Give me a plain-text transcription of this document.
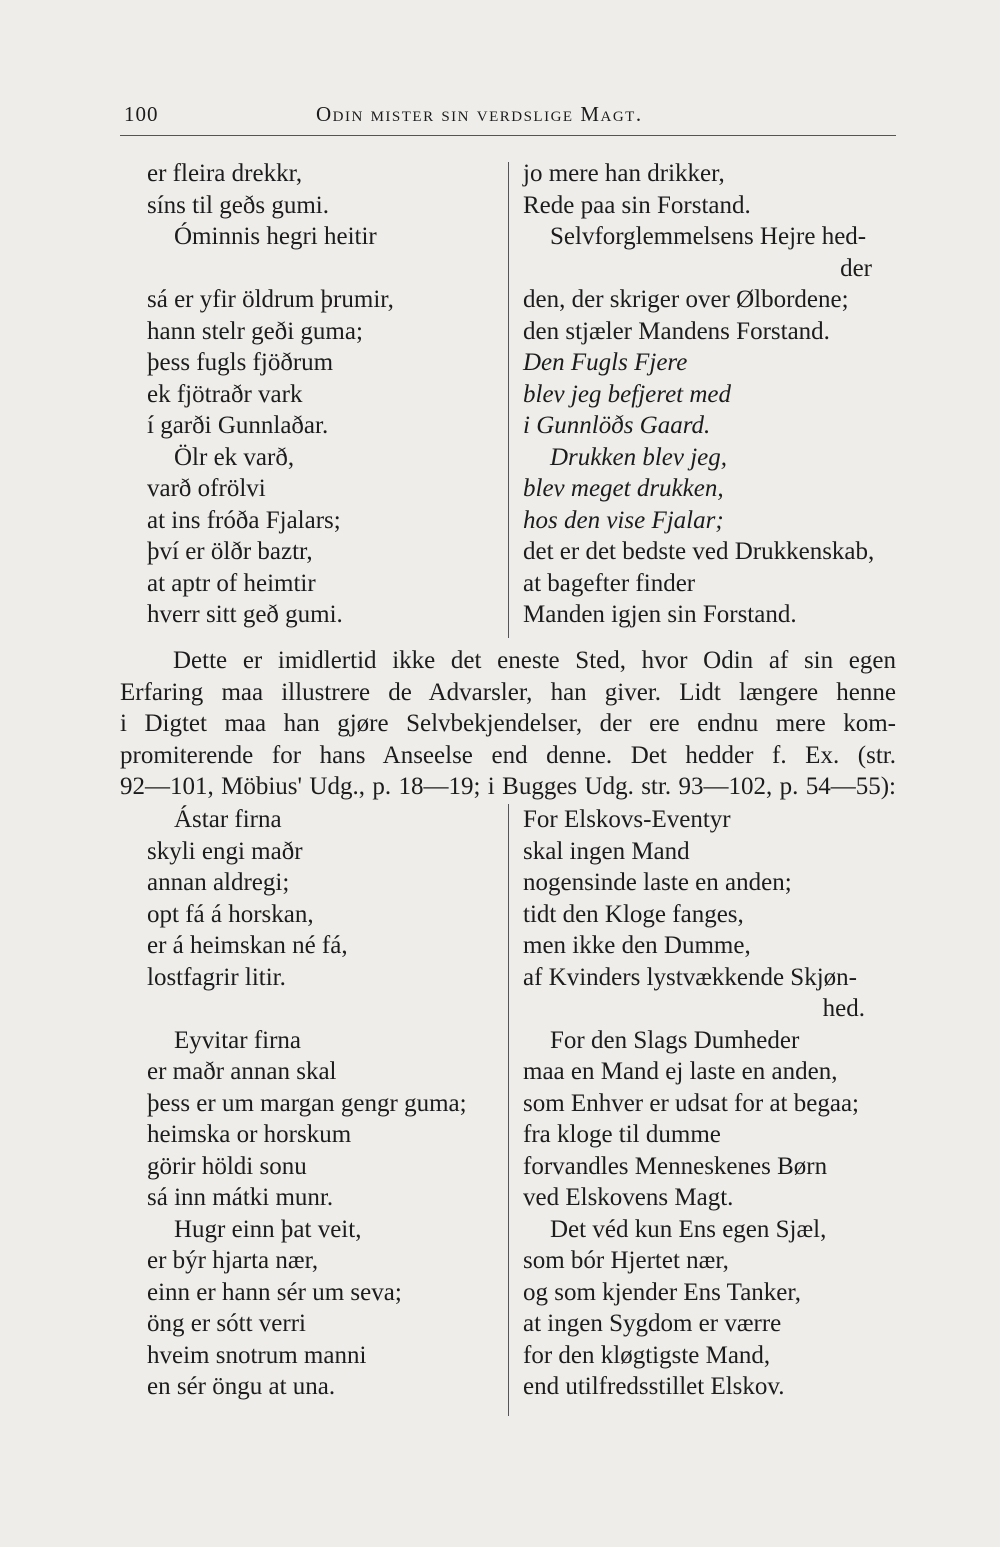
100	Odin mister sin verdslige Magt.
er fleira drekkr,
síns til geðs gumi.
Óminnis hegri heitir
sá er yfir öldrum þrumir,
hann stelr geði guma;
þess fugls fjöðrum
ek fjötraðr vark
í garði Gunnlaðar.
Ölr ek varð,
varð ofrölvi
at ins fróða Fjalars;
því er ölðr baztr,
at aptr of heimtir
hverr sitt geð gumi.
jo mere han drikker,
Rede paa sin Forstand.
Selvforglemmelsens Hejre hed-
der
den, der skriger over Ølbordene;
den stjæler Mandens Forstand.
Den Fugls Fjere
blev jeg befjeret med
i Gunnlöðs Gaard.
Drukken blev jeg,
blev meget drukken,
hos den vise Fjalar;
det er det bedste ved Drukkenskab,
at bagefter finder
Manden igjen sin Forstand.
Dette er imidlertid ikke det eneste Sted, hvor Odin af sin egen
Erfaring maa illustrere de Advarsler, han giver. Lidt længere henne
i Digtet maa han gjøre Selvbekjendelser, der ere endnu mere kom-
promiterende for hans Anseelse end denne. Det hedder f. Ex. (str.
92—101, Möbius' Udg., p. 18—19; i Bugges Udg. str. 93—102, p. 54—55):
Ástar firna
skyli engi maðr
annan aldregi;
opt fá á horskan,
er á heimskan né fá,
lostfagrir litir.
Eyvitar firna
er maðr annan skal
þess er um margan gengr guma;
heimska or horskum
görir höldi sonu
sá inn mátki munr.
Hugr einn þat veit,
er býr hjarta nær,
einn er hann sér um seva;
öng er sótt verri
hveim snotrum manni
en sér öngu at una.
For Elskovs-Eventyr
skal ingen Mand
nogensinde laste en anden;
tidt den Kloge fanges,
men ikke den Dumme,
af Kvinders lystvækkende Skjøn-
hed.
For den Slags Dumheder
maa en Mand ej laste en anden,
som Enhver er udsat for at begaa;
fra kloge til dumme
forvandles Menneskenes Børn
ved Elskovens Magt.
Det véd kun Ens egen Sjæl,
som bór Hjertet nær,
og som kjender Ens Tanker,
at ingen Sygdom er værre
for den kløgtigste Mand,
end utilfredsstillet Elskov.
